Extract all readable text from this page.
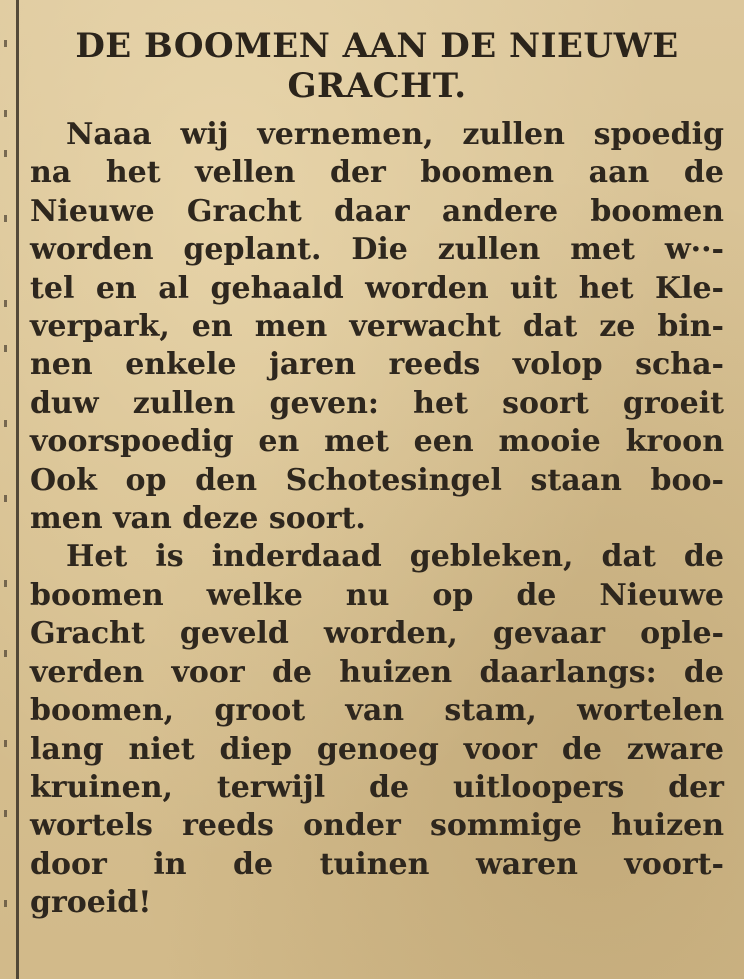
DE BOOMEN AAN DE NIEUWE
GRACHT.

Naaa wij vernemen, zullen spoedig
na het vellen der boomen aan de
Nieuwe Gracht daar andere boomen
worden geplant. Die zullen met w··-
tel en al gehaald worden uit het Kle-
verpark, en men verwacht dat ze bin-
nen enkele jaren reeds volop scha-
duw zullen geven: het soort groeit
voorspoedig en met een mooie kroon
Ook op den Schotesingel staan boo-
men van deze soort.

Het is inderdaad gebleken, dat de
boomen welke nu op de Nieuwe
Gracht geveld worden, gevaar ople-
verden voor de huizen daarlangs: de
boomen, groot van stam, wortelen
lang niet diep genoeg voor de zware
kruinen, terwijl de uitloopers der
wortels reeds onder sommige huizen
door in de tuinen waren voort-
groeid!
